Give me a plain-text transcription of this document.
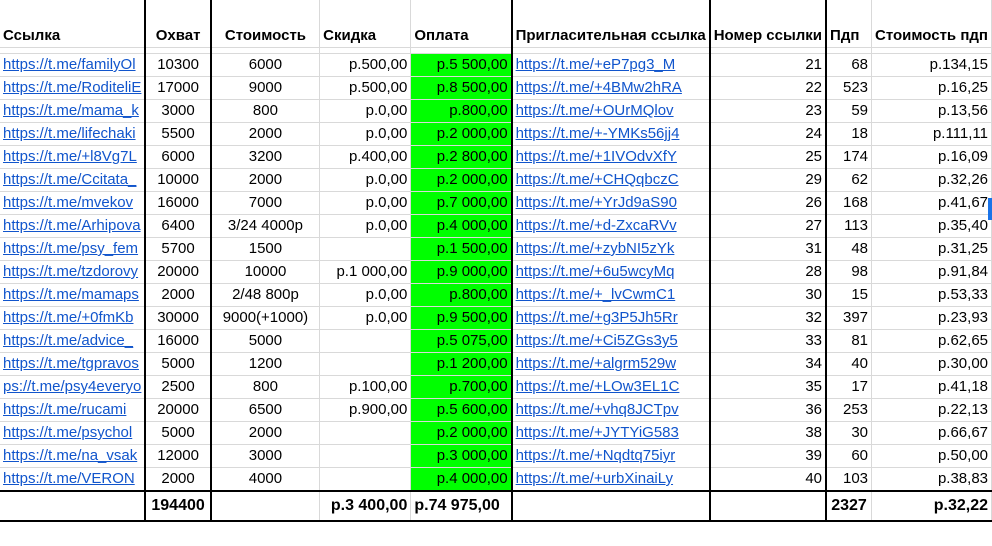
Ссылка	Охват	Стоимость	Скидка	Оплата	Пригласительная ссылка	Номер ссылки	Пдп	Стоимость пдп

https://t.me/familyOl	10300	6000	р.500,00	р.5 500,00	https://t.me/+eP7pg3_M	21	68	р.134,15
https://t.me/RoditeliE	17000	9000	р.500,00	р.8 500,00	https://t.me/+4BMw2hRA	22	523	р.16,25
https://t.me/mama_k	3000	800	р.0,00	р.800,00	https://t.me/+OUrMQlov	23	59	р.13,56
https://t.me/lifechaki	5500	2000	р.0,00	р.2 000,00	https://t.me/+-YMKs56jj4	24	18	р.111,11
https://t.me/+l8Vg7L	6000	3200	р.400,00	р.2 800,00	https://t.me/+1IVOdvXfY	25	174	р.16,09
https://t.me/Ccitata_	10000	2000	р.0,00	р.2 000,00	https://t.me/+CHQqbczC	29	62	р.32,26
https://t.me/mvekov	16000	7000	р.0,00	р.7 000,00	https://t.me/+YrJd9aS90	26	168	р.41,67
https://t.me/Arhipova	6400	3/24 4000р	р.0,00	р.4 000,00	https://t.me/+d-ZxcaRVv	27	113	р.35,40
https://t.me/psy_fem	5700	1500		р.1 500,00	https://t.me/+zybNI5zYk	31	48	р.31,25
https://t.me/tzdorovy	20000	10000	р.1 000,00	р.9 000,00	https://t.me/+6u5wcyMq	28	98	р.91,84
https://t.me/mamaps	2000	2/48 800р	р.0,00	р.800,00	https://t.me/+_lvCwmC1	30	15	р.53,33
https://t.me/+0fmKb	30000	9000(+1000)	р.0,00	р.9 500,00	https://t.me/+g3P5Jh5Rr	32	397	р.23,93
https://t.me/advice_	16000	5000		р.5 075,00	https://t.me/+Ci5ZGs3y5	33	81	р.62,65
https://t.me/tgpravos	5000	1200		р.1 200,00	https://t.me/+algrm529w	34	40	р.30,00
ps://t.me/psy4everyo	2500	800	р.100,00	р.700,00	https://t.me/+LOw3EL1C	35	17	р.41,18
https://t.me/rucami	20000	6500	р.900,00	р.5 600,00	https://t.me/+vhq8JCTpv	36	253	р.22,13
https://t.me/psychol	5000	2000		р.2 000,00	https://t.me/+JYTYiG583	38	30	р.66,67
https://t.me/na_vsak	12000	3000		р.3 000,00	https://t.me/+Nqdtq75iyr	39	60	р.50,00
https://t.me/VERON	2000	4000		р.4 000,00	https://t.me/+urbXinaiLy	40	103	р.38,83
	194400		р.3 400,00	р.74 975,00			2327	р.32,22
